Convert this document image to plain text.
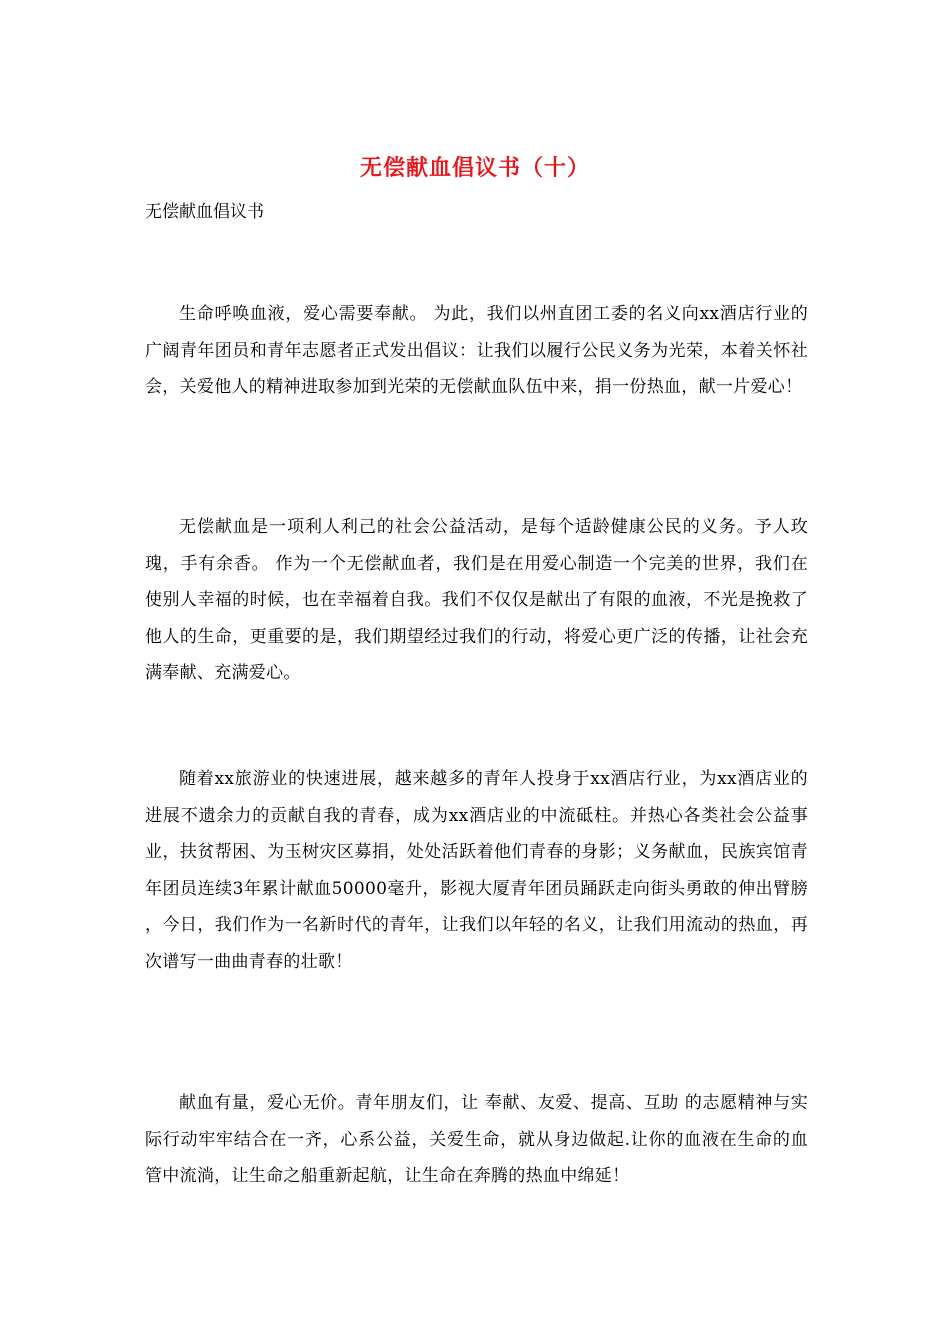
无偿献血倡议书（十）
无偿献血倡议书

生命呼唤血液，爱心需要奉献。 为此，我们以州直团工委的名义向xx酒店行业的广阔青年团员和青年志愿者正式发出倡议：让我们以履行公民义务为光荣，本着关怀社会，关爱他人的精神进取参加到光荣的无偿献血队伍中来，捐一份热血，献一片爱心！

无偿献血是一项利人利己的社会公益活动，是每个适龄健康公民的义务。予人玫瑰，手有余香。 作为一个无偿献血者，我们是在用爱心制造一个完美的世界，我们在使别人幸福的时候，也在幸福着自我。我们不仅仅是献出了有限的血液，不光是挽救了他人的生命，更重要的是，我们期望经过我们的行动，将爱心更广泛的传播，让社会充满奉献、充满爱心。

随着xx旅游业的快速进展，越来越多的青年人投身于xx酒店行业，为xx酒店业的进展不遗余力的贡献自我的青春，成为xx酒店业的中流砥柱。并热心各类社会公益事业，扶贫帮困、为玉树灾区募捐，处处活跃着他们青春的身影；义务献血，民族宾馆青年团员连续3年累计献血50000毫升，影视大厦青年团员踊跃走向街头勇敢的伸出臂膀 ，今日，我们作为一名新时代的青年，让我们以年轻的名义，让我们用流动的热血，再次谱写一曲曲青春的壮歌！

献血有量，爱心无价。青年朋友们，让 奉献、友爱、提高、互助 的志愿精神与实际行动牢牢结合在一齐，心系公益，关爱生命，就从身边做起.让你的血液在生命的血管中流淌，让生命之船重新起航，让生命在奔腾的热血中绵延！
